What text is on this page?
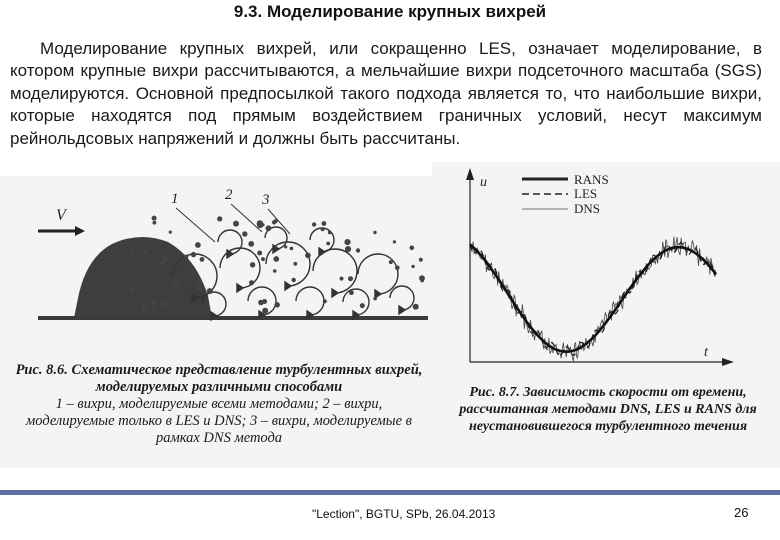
9.3. Моделирование крупных вихрей

Моделирование крупных вихрей, или сокращенно LES, означает моделирование, в котором крупные вихри рассчитываются, а мельчайшие вихри подсеточного масштаба (SGS) моделируются. Основной предпосылкой такого подхода является то, что наибольшие вихри, которые находятся под прямым воздействием граничных условий, несут максимум рейнольдсовых напряжений и должны быть рассчитаны.

V
1	2 3
Рис. 8.6. Схематическое представление турбулентных вихрей, моделируемых различными способами
1 – вихри, моделируемые всеми методами; 2 – вихри, моделируемые только в LES и DNS; 3 – вихри, моделируемые в рамках DNS метода
u
t
RANS
LES
DNS
Рис. 8.7. Зависимость скорости от времени, рассчитанная методами DNS, LES и RANS для неустановившегося турбулентного течения
"Lection", BGTU, SPb, 26.04.2013	26
